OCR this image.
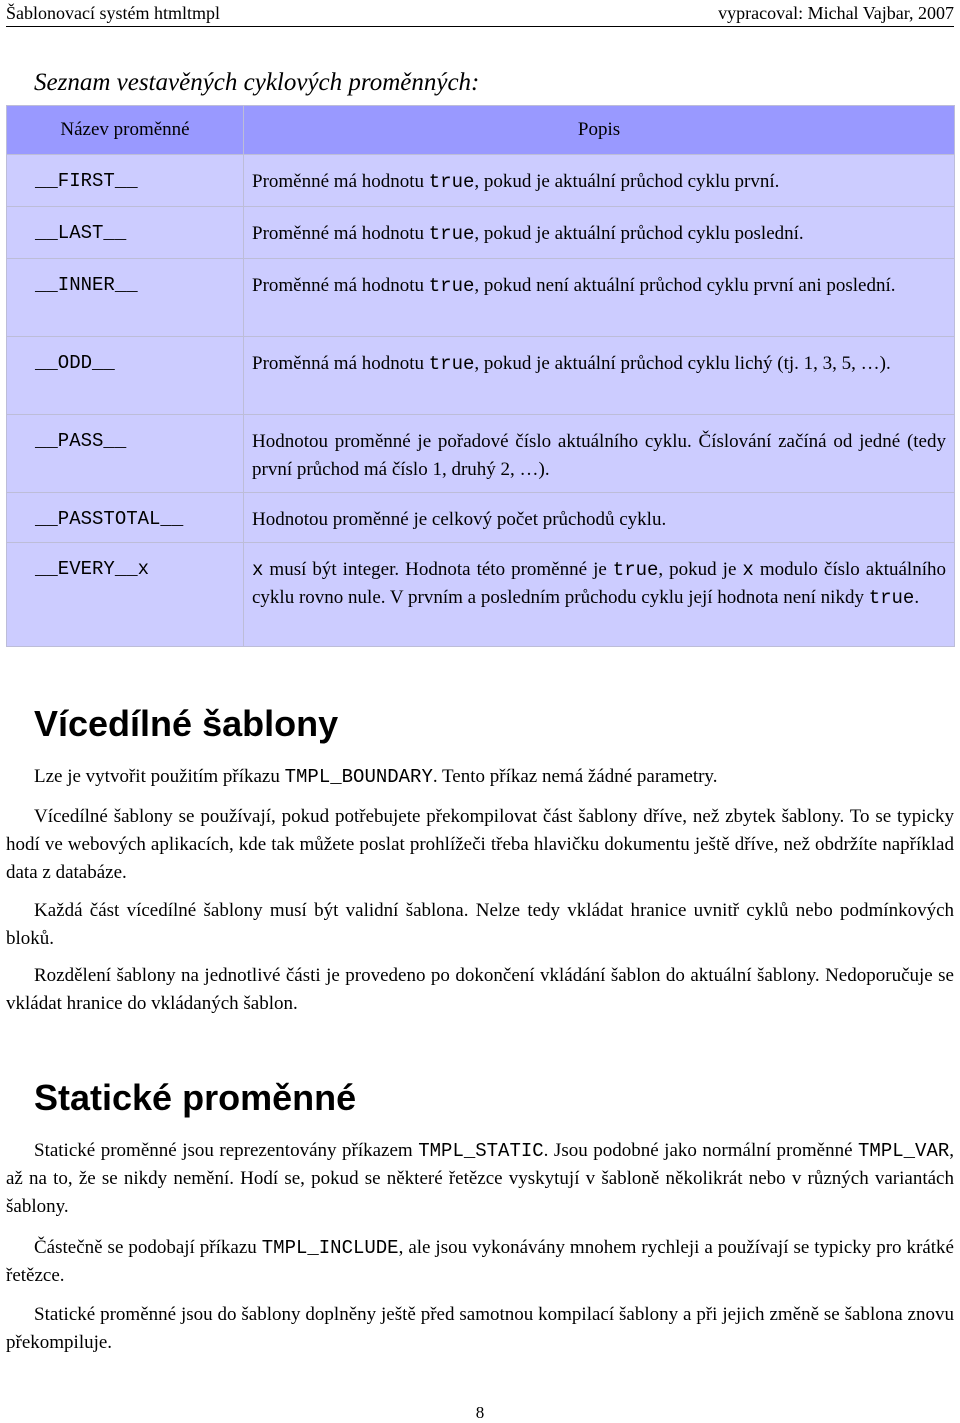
Šablonovací systém htmltmpl	vypracoval: Michal Vajbar, 2007
Seznam vestavěných cyklových proměnných:
Název proměnné	Popis
__FIRST__	Proměnné má hodnotu true, pokud je aktuální průchod cyklu první.
__LAST__	Proměnné má hodnotu true, pokud je aktuální průchod cyklu poslední.
__INNER__	Proměnné má hodnotu true, pokud není aktuální průchod cyklu první ani poslední.
__ODD__	Proměnná má hodnotu true, pokud je aktuální průchod cyklu lichý (tj. 1, 3, 5, …).
__PASS__	Hodnotou proměnné je pořadové číslo aktuálního cyklu. Číslování začíná od jedné (tedy první průchod má číslo 1, druhý 2, …).
__PASSTOTAL__	Hodnotou proměnné je celkový počet průchodů cyklu.
__EVERY__x	x musí být integer. Hodnota této proměnné je true, pokud je x modulo číslo aktuálního cyklu rovno nule. V prvním a posledním průchodu cyklu její hodnota není nikdy true.
Vícedílné šablony

Lze je vytvořit použitím příkazu TMPL_BOUNDARY. Tento příkaz nemá žádné parametry.

Vícedílné šablony se používají, pokud potřebujete překompilovat část šablony dříve, než zbytek šablony. To se typicky hodí ve webových aplikacích, kde tak můžete poslat prohlížeči třeba hlavičku dokumentu ještě dříve, než obdržíte například data z databáze.

Každá část vícedílné šablony musí být validní šablona. Nelze tedy vkládat hranice uvnitř cyklů nebo podmínkových bloků.

Rozdělení šablony na jednotlivé části je provedeno po dokončení vkládání šablon do aktuální šablony. Nedoporučuje se vkládat hranice do vkládaných šablon.

Statické proměnné

Statické proměnné jsou reprezentovány příkazem TMPL_STATIC. Jsou podobné jako normální proměnné TMPL_VAR, až na to, že se nikdy nemění. Hodí se, pokud se některé řetězce vyskytují v šabloně několikrát nebo v různých variantách šablony.

Částečně se podobají příkazu TMPL_INCLUDE, ale jsou vykonávány mnohem rychleji a používají se typicky pro krátké řetězce.

Statické proměnné jsou do šablony doplněny ještě před samotnou kompilací šablony a při jejich změně se šablona znovu překompiluje.

8
